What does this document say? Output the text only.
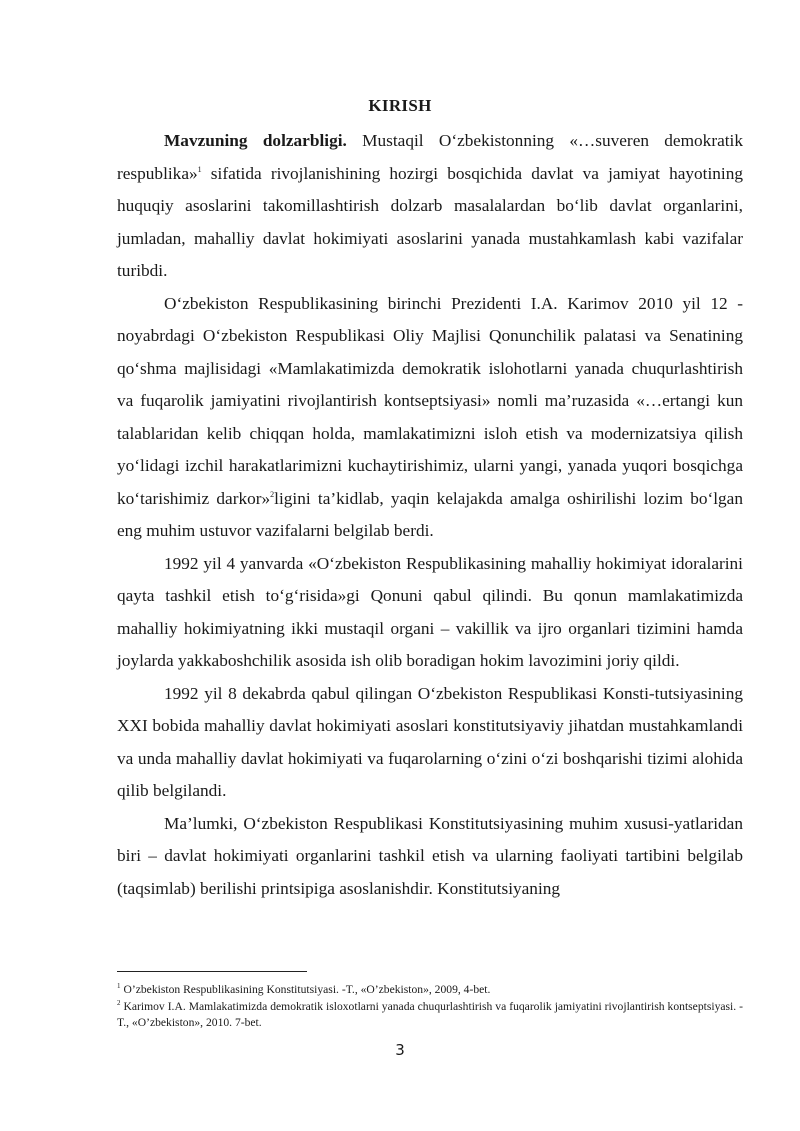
KIRISH

Mavzuning dolzarbligi. Mustaqil O‘zbekistonning «…suveren demokratik respublika»$^1$ sifatida rivojlanishining hozirgi bosqichida davlat va jamiyat hayotining huquqiy asoslarini takomillashtirish dolzarb masalalardan bo‘lib davlat organlarini, jumladan, mahalliy davlat hokimiyati asoslarini yanada mustahkamlash kabi vazifalar turibdi.

O‘zbekiston Respublikasining birinchi Prezidenti I.A. Karimov 2010 yil 12 - noyabrdagi O‘zbekiston Respublikasi Oliy Majlisi Qonunchilik palatasi va Senatining qo‘shma majlisidagi «Mamlakatimizda demokratik islohotlarni yanada chuqurlashtirish va fuqarolik jamiyatini rivojlantirish kontseptsiyasi» nomli ma’ruzasida «…ertangi kun talablaridan kelib chiqqan holda, mamlakatimizni isloh etish va modernizatsiya qilish yo‘lidagi izchil harakatlarimizni kuchaytirishimiz, ularni yangi, yanada yuqori bosqichga ko‘tarishimiz darkor»$^2$ligini ta’kidlab, yaqin kelajakda amalga oshirilishi lozim bo‘lgan eng muhim ustuvor vazifalarni belgilab berdi.

1992 yil 4 yanvarda «O‘zbekiston Respublikasining mahalliy hokimiyat idoralarini qayta tashkil etish to‘g‘risida»gi Qonuni qabul qilindi. Bu qonun mamlakatimizda mahalliy hokimiyatning ikki mustaqil organi – vakillik va ijro organlari tizimini hamda joylarda yakkaboshchilik asosida ish olib boradigan hokim lavozimini joriy qildi.

1992 yil 8 dekabrda qabul qilingan O‘zbekiston Respublikasi Konsti-tutsiyasining XXI bobida mahalliy davlat hokimiyati asoslari konstitutsiyaviy jihatdan mustahkamlandi va unda mahalliy davlat hokimiyati va fuqarolarning o‘zini o‘zi boshqarishi tizimi alohida qilib belgilandi.

Ma’lumki, O‘zbekiston Respublikasi Konstitutsiyasining muhim xususi-yatlaridan biri – davlat hokimiyati organlarini tashkil etish va ularning faoliyati tartibini belgilab (taqsimlab) berilishi printsipiga asoslanishdir. Konstitutsiyaning

$^1$ O’zbekiston Respublikasining Konstitutsiyasi. -T., «O’zbekiston», 2009, 4-bet.
$^2$ Karimov I.A. Mamlakatimizda demokratik isloxotlarni yanada chuqurlashtirish va fuqarolik jamiyatini rivojlantirish kontseptsiyasi. -T., «O’zbekiston», 2010. 7-bet.
3
